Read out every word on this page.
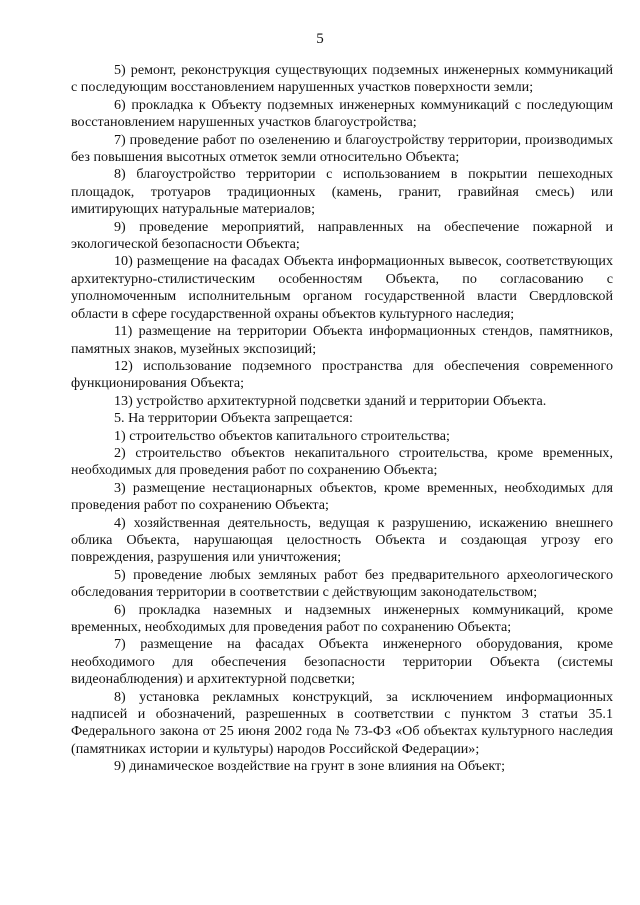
5

5) ремонт, реконструкция существующих подземных инженерных коммуникаций с последующим восстановлением нарушенных участков поверхности земли;

6) прокладка к Объекту подземных инженерных коммуникаций с последующим восстановлением нарушенных участков благоустройства;

7) проведение работ по озеленению и благоустройству территории, производимых без повышения высотных отметок земли относительно Объекта;

8) благоустройство территории с использованием в покрытии пешеходных площадок, тротуаров традиционных (камень, гранит, гравийная смесь) или имитирующих натуральные материалов;

9) проведение мероприятий, направленных на обеспечение пожарной и экологической безопасности Объекта;

10) размещение на фасадах Объекта информационных вывесок, соответствующих архитектурно-стилистическим особенностям Объекта, по согласованию с уполномоченным исполнительным органом государственной власти Свердловской области в сфере государственной охраны объектов культурного наследия;

11) размещение на территории Объекта информационных стендов, памятников, памятных знаков, музейных экспозиций;

12) использование подземного пространства для обеспечения современного функционирования Объекта;

13) устройство архитектурной подсветки зданий и территории Объекта.

5. На территории Объекта запрещается:

1) строительство объектов капитального строительства;

2) строительство объектов некапитального строительства, кроме временных, необходимых для проведения работ по сохранению Объекта;

3) размещение нестационарных объектов, кроме временных, необходимых для проведения работ по сохранению Объекта;

4) хозяйственная деятельность, ведущая к разрушению, искажению внешнего облика Объекта, нарушающая целостность Объекта и создающая угрозу его повреждения, разрушения или уничтожения;

5) проведение любых земляных работ без предварительного археологического обследования территории в соответствии с действующим законодательством;

6) прокладка наземных и надземных инженерных коммуникаций, кроме временных, необходимых для проведения работ по сохранению Объекта;

7) размещение на фасадах Объекта инженерного оборудования, кроме необходимого для обеспечения безопасности территории Объекта (системы видеонаблюдения) и архитектурной подсветки;

8) установка рекламных конструкций, за исключением информационных надписей и обозначений, разрешенных в соответствии с пунктом 3 статьи 35.1 Федерального закона от 25 июня 2002 года № 73-ФЗ «Об объектах культурного наследия (памятниках истории и культуры) народов Российской Федерации»;

9) динамическое воздействие на грунт в зоне влияния на Объект;
